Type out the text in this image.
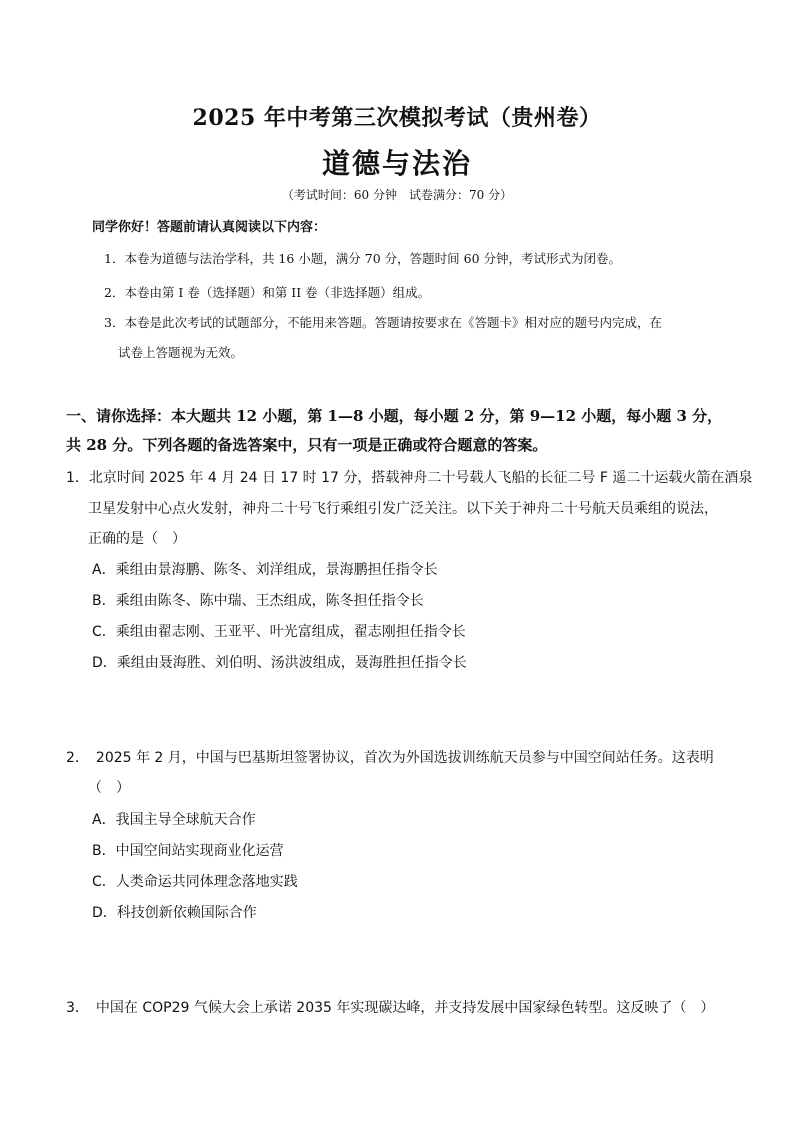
2025 年中考第三次模拟考试（贵州卷）
道德与法治
（考试时间：60 分钟　试卷满分：70 分）
同学你好！答题前请认真阅读以下内容：
1．本卷为道德与法治学科，共 16 小题，满分 70 分，答题时间 60 分钟，考试形式为闭卷。
2．本卷由第 I 卷（选择题）和第 II 卷（非选择题）组成。
3．本卷是此次考试的试题部分，不能用来答题。答题请按要求在《答题卡》相对应的题号内完成，在
试卷上答题视为无效。
一、请你选择：本大题共 12 小题，第 1—8 小题，每小题 2 分，第 9—12 小题，每小题 3 分，
共 28 分。下列各题的备选答案中，只有一项是正确或符合题意的答案。
1．北京时间 2025 年 4 月 24 日 17 时 17 分，搭载神舟二十号载人飞船的长征二号 F 遥二十运载火箭在酒泉
卫星发射中心点火发射，神舟二十号飞行乘组引发广泛关注。以下关于神舟二十号航天员乘组的说法，
正确的是（　）
A．乘组由景海鹏、陈冬、刘洋组成，景海鹏担任指令长
B．乘组由陈冬、陈中瑞、王杰组成，陈冬担任指令长
C．乘组由翟志刚、王亚平、叶光富组成，翟志刚担任指令长
D．乘组由聂海胜、刘伯明、汤洪波组成，聂海胜担任指令长
2．　2025 年 2 月，中国与巴基斯坦签署协议，首次为外国选拔训练航天员参与中国空间站任务。这表明
（　）
A．我国主导全球航天合作
B．中国空间站实现商业化运营
C．人类命运共同体理念落地实践
D．科技创新依赖国际合作
3．　中国在 COP29 气候大会上承诺 2035 年实现碳达峰，并支持发展中国家绿色转型。这反映了（　）
